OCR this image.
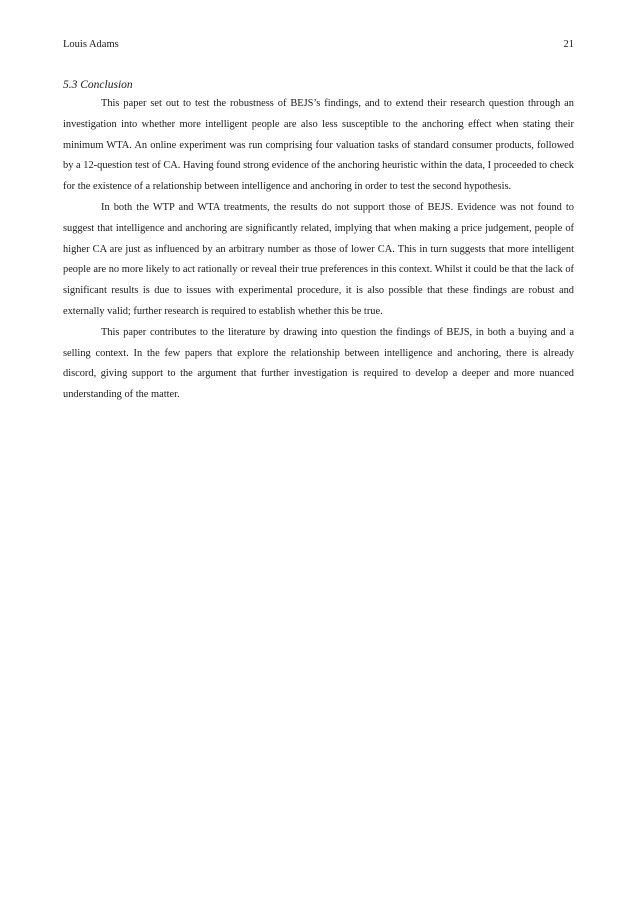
Louis Adams	21
5.3 Conclusion

This paper set out to test the robustness of BEJS’s findings, and to extend their research question through an investigation into whether more intelligent people are also less susceptible to the anchoring effect when stating their minimum WTA. An online experiment was run comprising four valuation tasks of standard consumer products, followed by a 12-question test of CA. Having found strong evidence of the anchoring heuristic within the data, I proceeded to check for the existence of a relationship between intelligence and anchoring in order to test the second hypothesis.

In both the WTP and WTA treatments, the results do not support those of BEJS. Evidence was not found to suggest that intelligence and anchoring are significantly related, implying that when making a price judgement, people of higher CA are just as influenced by an arbitrary number as those of lower CA. This in turn suggests that more intelligent people are no more likely to act rationally or reveal their true preferences in this context. Whilst it could be that the lack of significant results is due to issues with experimental procedure, it is also possible that these findings are robust and externally valid; further research is required to establish whether this be true.

This paper contributes to the literature by drawing into question the findings of BEJS, in both a buying and a selling context. In the few papers that explore the relationship between intelligence and anchoring, there is already discord, giving support to the argument that further investigation is required to develop a deeper and more nuanced understanding of the matter.
